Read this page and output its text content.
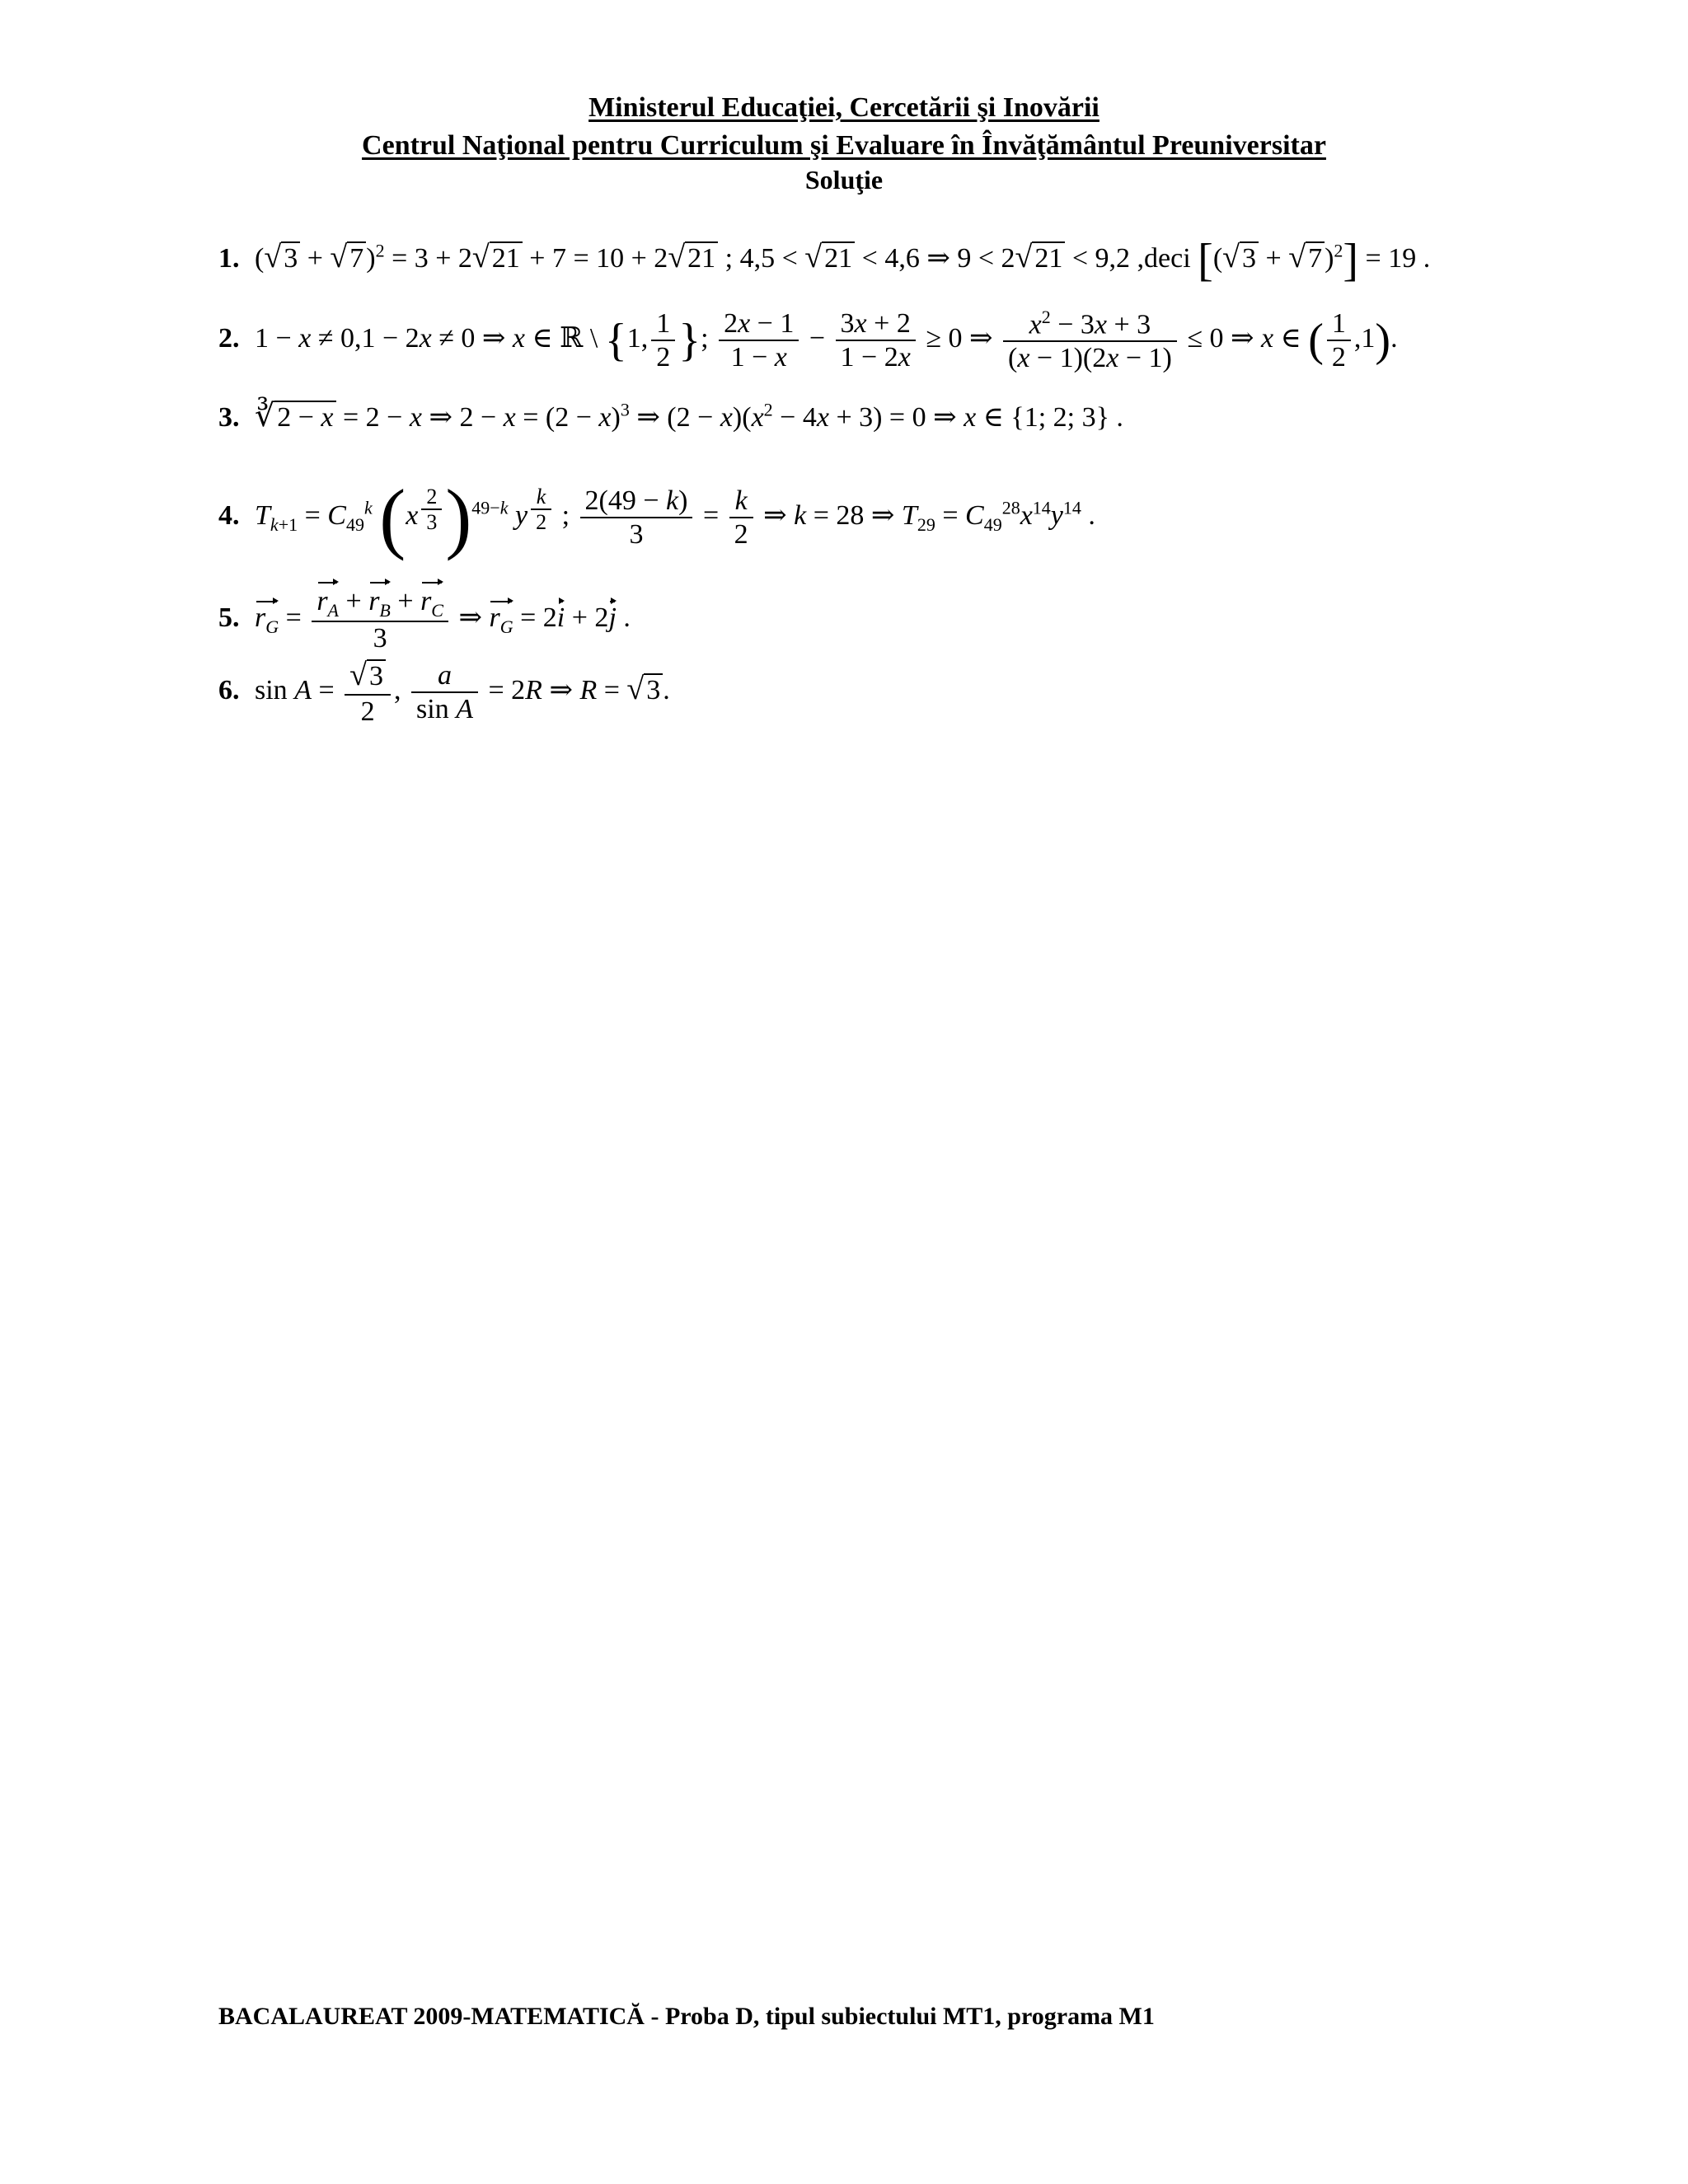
Ministerul Educaţiei, Cercetării şi Inovării
Centrul Naţional pentru Curriculum şi Evaluare în Învăţământul Preuniversitar
Soluţie
1. $(√3 + √7)^2 = 3 + 2√21 + 7 = 10 + 2√21$ ; 4,5 < √21 < 4,6 ⇒ 9 < 2√21 < 9,2 ,deci $[(√3 + √7)^2] = 19$ .
2. 1 − x ≠ 0,1 − 2x ≠ 0 ⇒ x ∈ ℝ \ {1, $\frac{1}{2}$ }; $\frac{2x - 1}{1 - x} - \frac{3x + 2}{1 - 2x} \ge 0$ ⇒ $\frac{x^2 - 3x + 3}{(x - 1)(2x - 1)} \le 0$ ⇒ x ∈ ( $\frac{1}{2} ,1$).
3. ∛2 − x = 2 − x ⇒ $2 - x = (2 - x)^3$ ⇒ $(2 - x)(x^2 - 4x + 3) = 0$ ⇒ x ∈ {1; 2; 3} .
4. $T_{k+1} = C_{49}^k$ (x $^{\frac{2}{3}}$ )$^{49-k}$ y $^{\frac{k}{2}}$ ; $\frac{2(49 - k)}{3} = \frac{k}{2}$ ⇒ k = 28 ⇒ $T_{29} = C_{49}^{28}x^{14}y^{14}$ .
5. $r_G = \frac{r_A + r_B + r_C}{3}$ ⇒ $r_G = 2i + 2j$ .
6. $\sin A = \frac{√3}{2}$ , $\frac{a}{\text{sin A}} = 2R$ ⇒ R = √3.
BACALAUREAT 2009-MATEMATICĂ - Proba D, tipul subiectului MT1, programa M1
